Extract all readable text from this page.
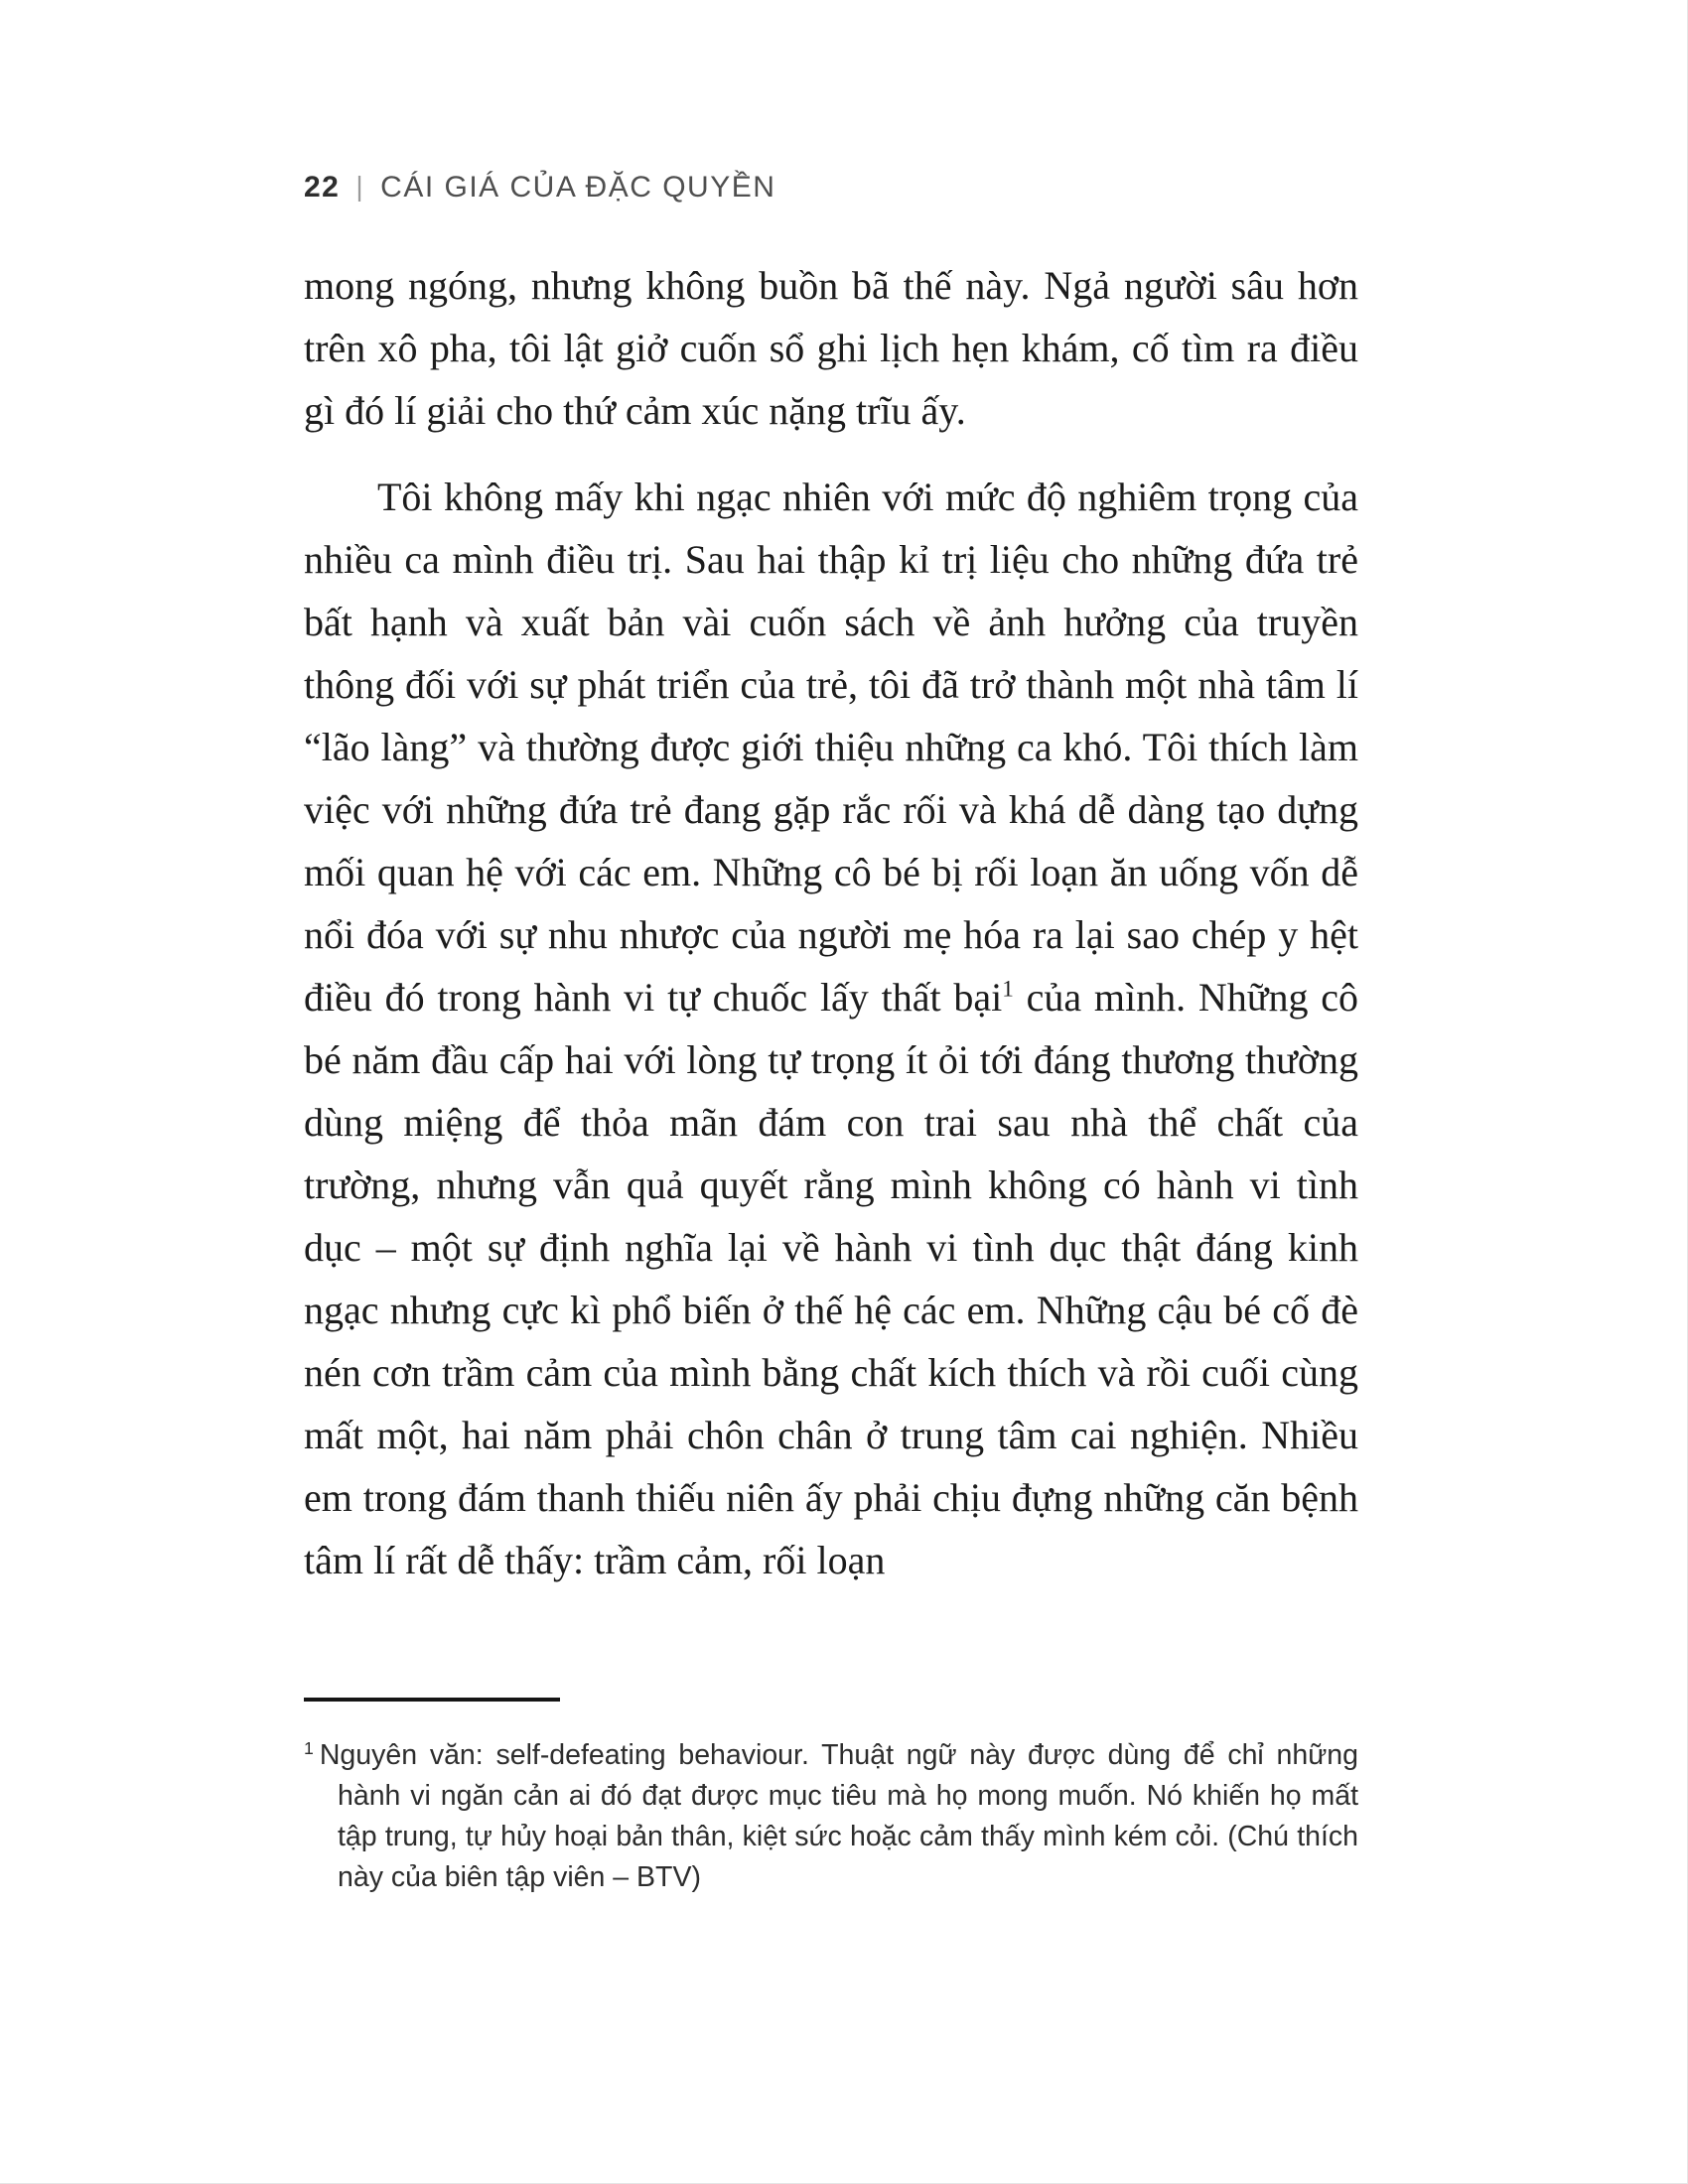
22 | CÁI GIÁ CỦA ĐẶC QUYỀN

mong ngóng, nhưng không buồn bã thế này. Ngả người sâu hơn trên xô pha, tôi lật giở cuốn sổ ghi lịch hẹn khám, cố tìm ra điều gì đó lí giải cho thứ cảm xúc nặng trĩu ấy.

Tôi không mấy khi ngạc nhiên với mức độ nghiêm trọng của nhiều ca mình điều trị. Sau hai thập kỉ trị liệu cho những đứa trẻ bất hạnh và xuất bản vài cuốn sách về ảnh hưởng của truyền thông đối với sự phát triển của trẻ, tôi đã trở thành một nhà tâm lí “lão làng” và thường được giới thiệu những ca khó. Tôi thích làm việc với những đứa trẻ đang gặp rắc rối và khá dễ dàng tạo dựng mối quan hệ với các em. Những cô bé bị rối loạn ăn uống vốn dễ nổi đóa với sự nhu nhược của người mẹ hóa ra lại sao chép y hệt điều đó trong hành vi tự chuốc lấy thất bại$^1$ của mình. Những cô bé năm đầu cấp hai với lòng tự trọng ít ỏi tới đáng thương thường dùng miệng để thỏa mãn đám con trai sau nhà thể chất của trường, nhưng vẫn quả quyết rằng mình không có hành vi tình dục – một sự định nghĩa lại về hành vi tình dục thật đáng kinh ngạc nhưng cực kì phổ biến ở thế hệ các em. Những cậu bé cố đè nén cơn trầm cảm của mình bằng chất kích thích và rồi cuối cùng mất một, hai năm phải chôn chân ở trung tâm cai nghiện. Nhiều em trong đám thanh thiếu niên ấy phải chịu đựng những căn bệnh tâm lí rất dễ thấy: trầm cảm, rối loạn

$^1$ Nguyên văn: self-defeating behaviour. Thuật ngữ này được dùng để chỉ những hành vi ngăn cản ai đó đạt được mục tiêu mà họ mong muốn. Nó khiến họ mất tập trung, tự hủy hoại bản thân, kiệt sức hoặc cảm thấy mình kém cỏi. (Chú thích này của biên tập viên – BTV)
